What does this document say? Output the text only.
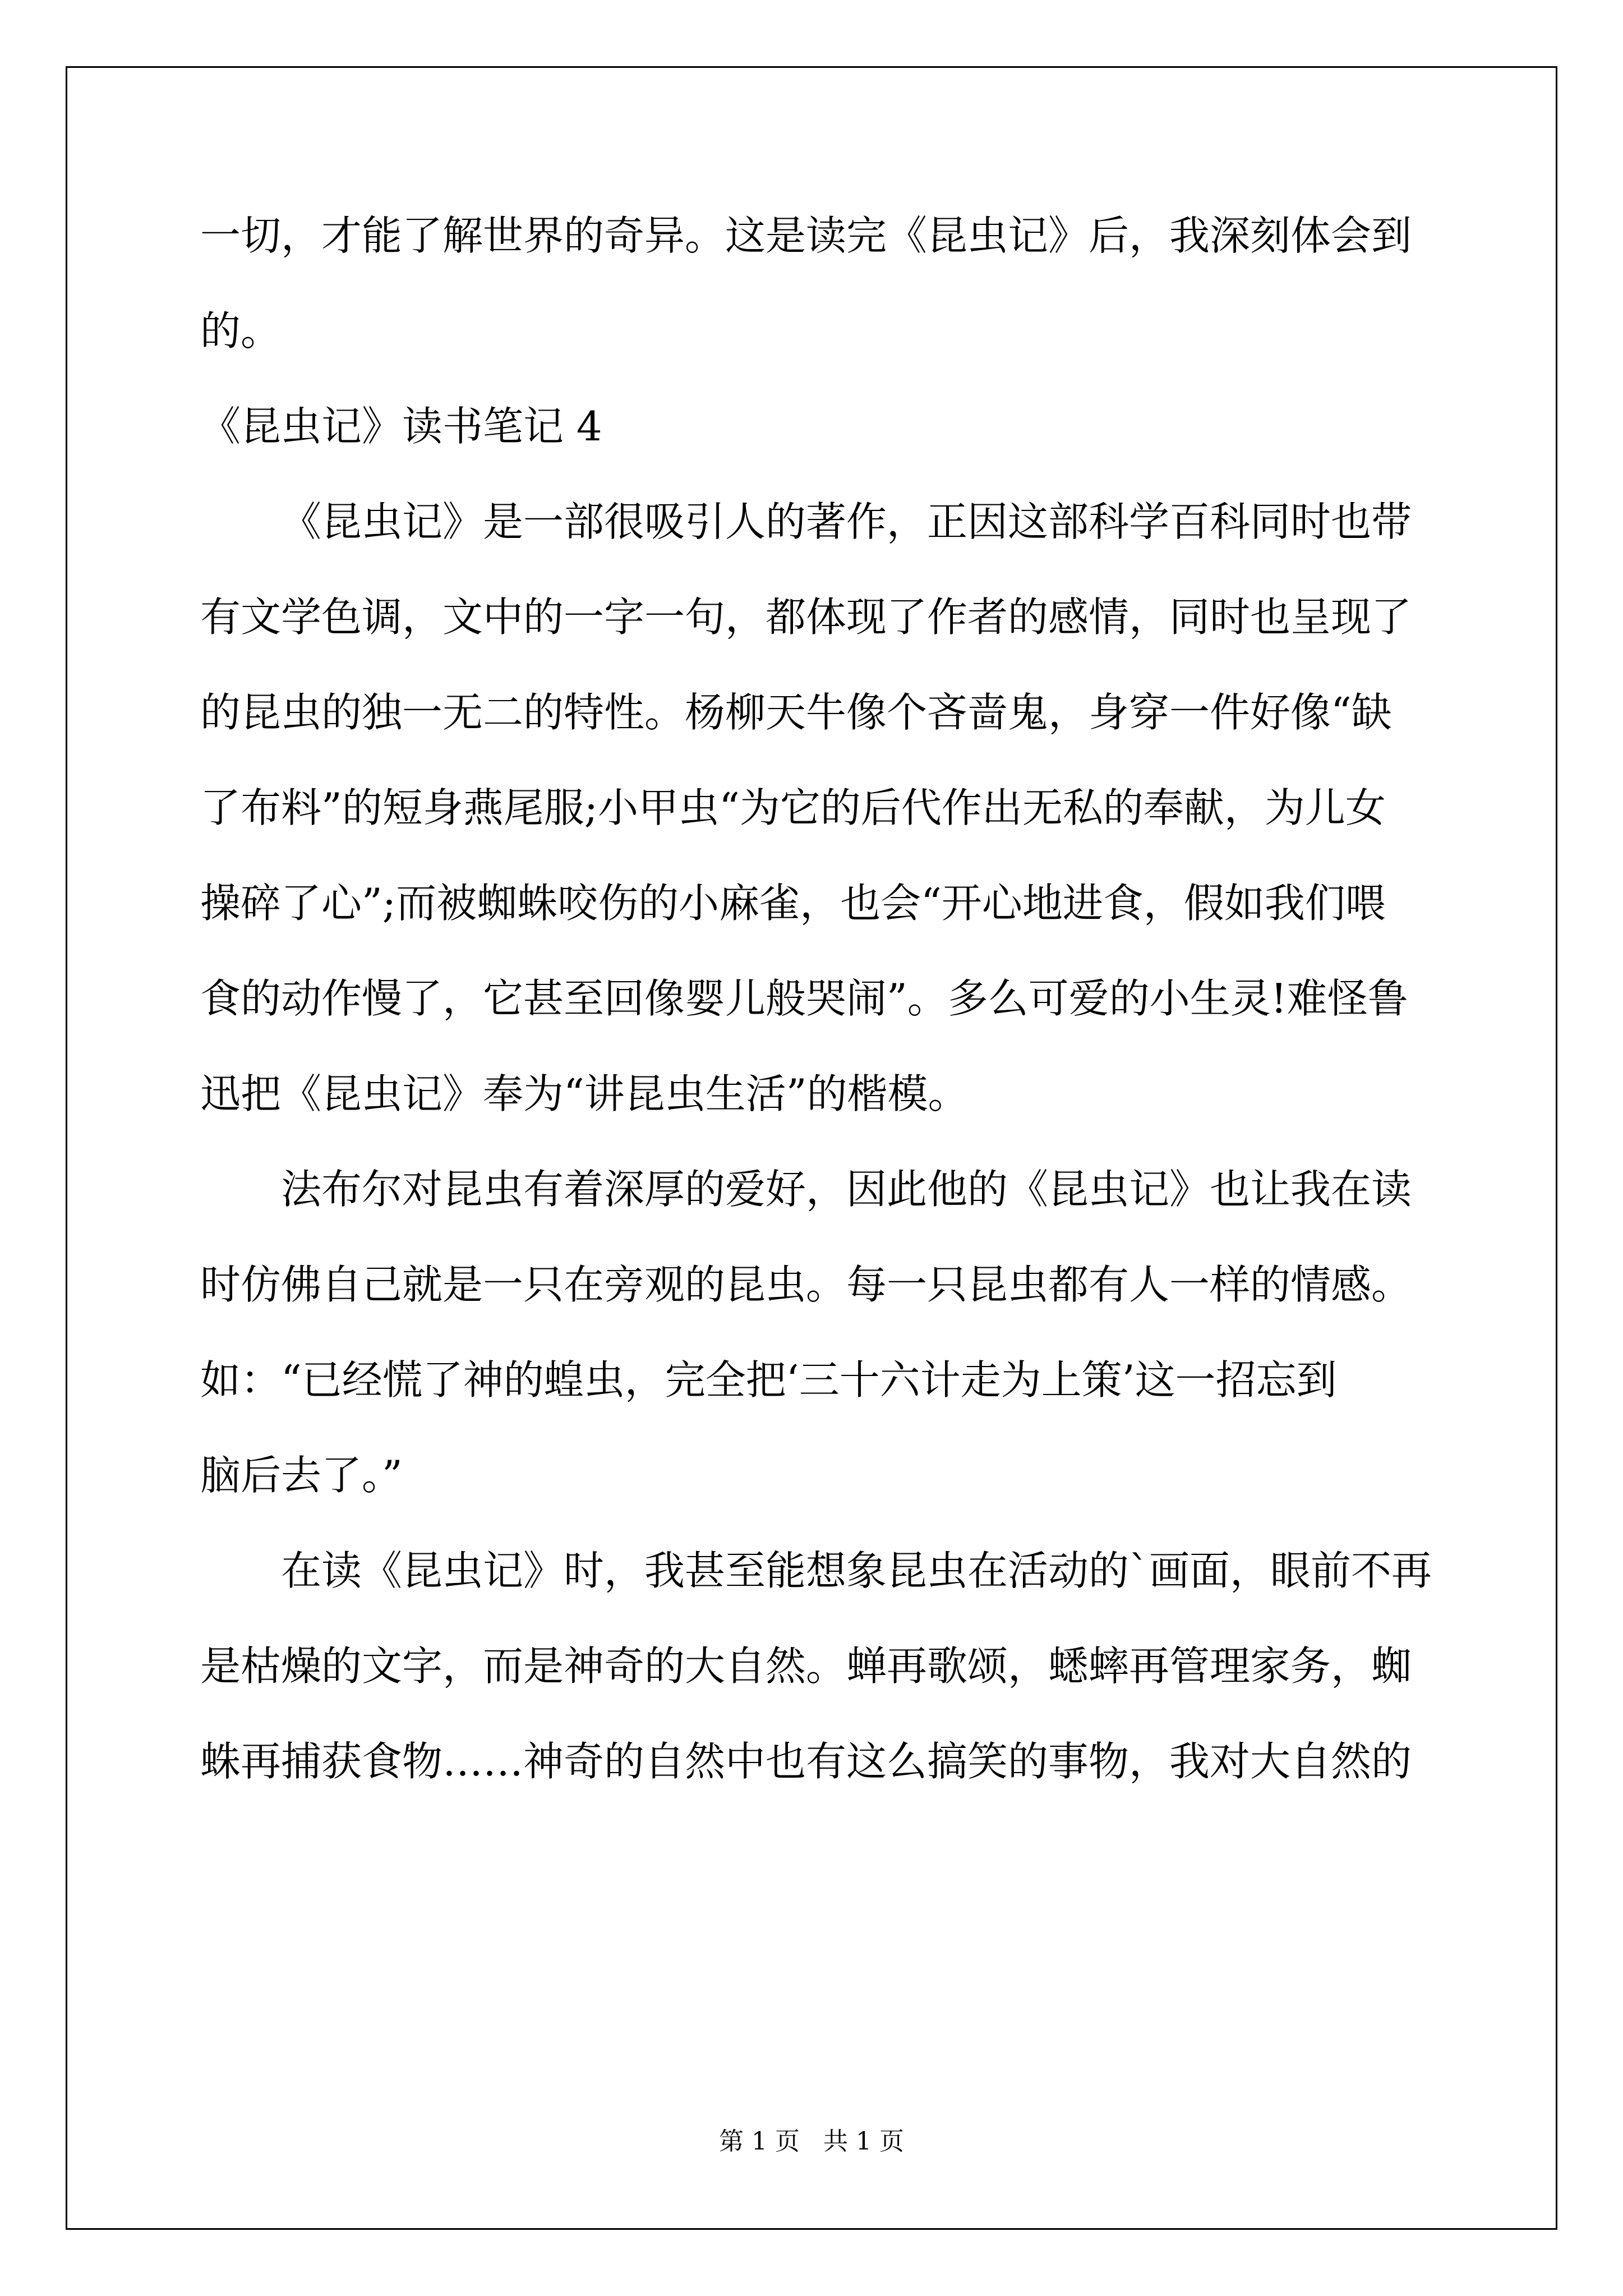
一切，才能了解世界的奇异。这是读完《昆虫记》后，我深刻体会到
的。
《昆虫记》读书笔记 4
《昆虫记》是一部很吸引人的著作，正因这部科学百科同时也带
有文学色调，文中的一字一句，都体现了作者的感情，同时也呈现了
的昆虫的独一无二的特性。杨柳天牛像个吝啬鬼，身穿一件好像“缺
了布料”的短身燕尾服;小甲虫“为它的后代作出无私的奉献，为儿女
操碎了心”;而被蜘蛛咬伤的小麻雀，也会“开心地进食，假如我们喂
食的动作慢了，它甚至回像婴儿般哭闹”。多么可爱的小生灵!难怪鲁
迅把《昆虫记》奉为“讲昆虫生活”的楷模。
法布尔对昆虫有着深厚的爱好，因此他的《昆虫记》也让我在读
时仿佛自己就是一只在旁观的昆虫。每一只昆虫都有人一样的情感。
如：“已经慌了神的蝗虫，完全把‘三十六计走为上策’这一招忘到
脑后去了。”
在读《昆虫记》时，我甚至能想象昆虫在活动的`画面，眼前不再
是枯燥的文字，而是神奇的大自然。蝉再歌颂，蟋蟀再管理家务，蜘
蛛再捕获食物……神奇的自然中也有这么搞笑的事物，我对大自然的
第 1 页 共 1 页
